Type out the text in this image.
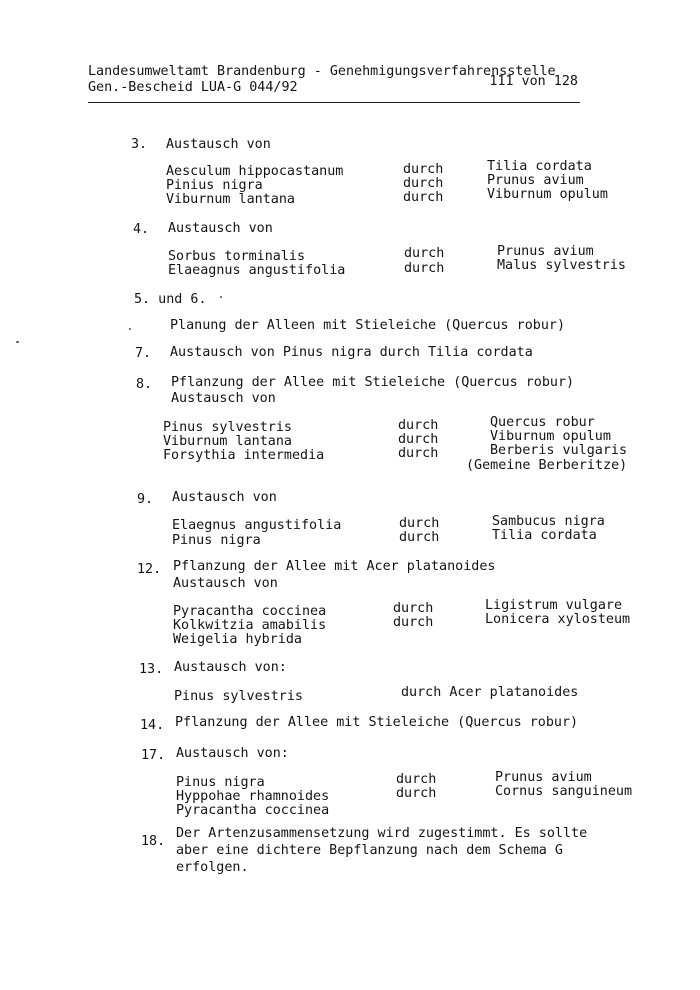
Landesumweltamt Brandenburg - Genehmigungsverfahrensstelle
Gen.-Bescheid LUA-G 044/92	111 von 128
3. Austausch von
Aesculum hippocastanum	durch	Tilia cordata
Pinius nigra	durch	Prunus avium
Viburnum lantana	durch	Viburnum opulum
4. Austausch von
Sorbus torminalis	durch	Prunus avium
Elaeagnus angustifolia	durch	Malus sylvestris
5. und 6.
Planung der Alleen mit Stieleiche (Quercus robur)
7. Austausch von Pinus nigra durch Tilia cordata
8. Pflanzung der Allee mit Stieleiche (Quercus robur)
Austausch von
Pinus sylvestris	durch	Quercus robur
Viburnum lantana	durch	Viburnum opulum
Forsythia intermedia	durch	Berberis vulgaris
(Gemeine Berberitze)
9. Austausch von
Elaegnus angustifolia	durch	Sambucus nigra
Pinus nigra	durch	Tilia cordata
12. Pflanzung der Allee mit Acer platanoides
Austausch von
Pyracantha coccinea	durch	Ligistrum vulgare
Kolkwitzia amabilis	durch	Lonicera xylosteum
Weigelia hybrida
13. Austausch von:
Pinus sylvestris	durch Acer platanoides
14. Pflanzung der Allee mit Stieleiche (Quercus robur)
17. Austausch von:
Pinus nigra	durch	Prunus avium
Hyppohae rhamnoides	durch	Cornus sanguineum
Pyracantha coccinea
18.
Der Artenzusammensetzung wird zugestimmt. Es sollte
aber eine dichtere Bepflanzung nach dem Schema G
erfolgen.
